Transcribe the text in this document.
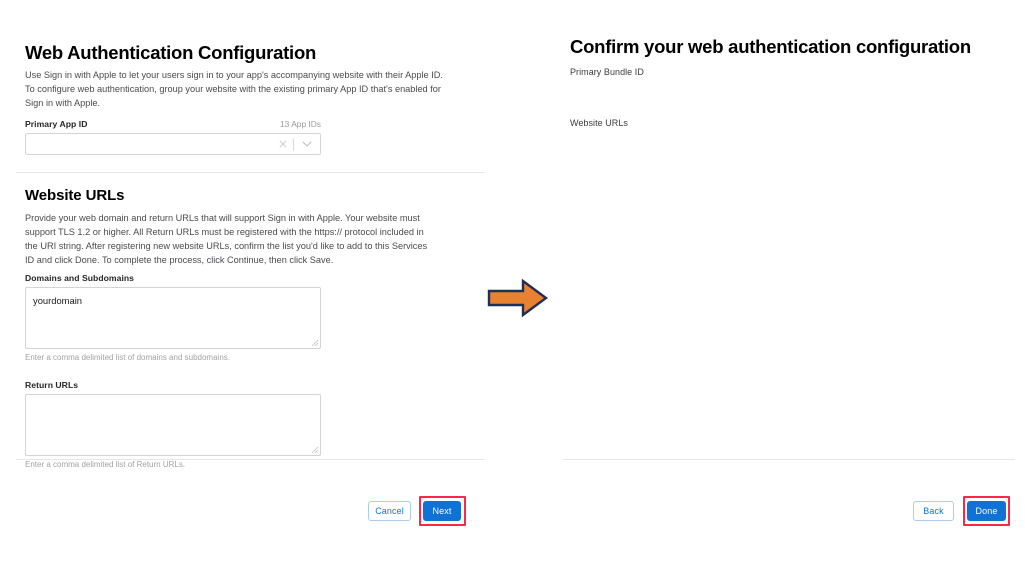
Web Authentication Configuration

Use Sign in with Apple to let your users sign in to your app's accompanying website with their Apple ID. To configure web authentication, group your website with the existing primary App ID that's enabled for Sign in with Apple.

Primary App ID	13 App IDs
Website URLs

Provide your web domain and return URLs that will support Sign in with Apple. Your website must support TLS 1.2 or higher. All Return URLs must be registered with the https:// protocol included in the URI string. After registering new website URLs, confirm the list you'd like to add to this Services ID and click Done. To complete the process, click Continue, then click Save.

Domains and Subdomains
yourdomain
Enter a comma delimited list of domains and subdomains.
Return URLs
Enter a comma delimited list of Return URLs.
Cancel	Next
Confirm your web authentication configuration
Primary Bundle ID
Website URLs
Back	Done
